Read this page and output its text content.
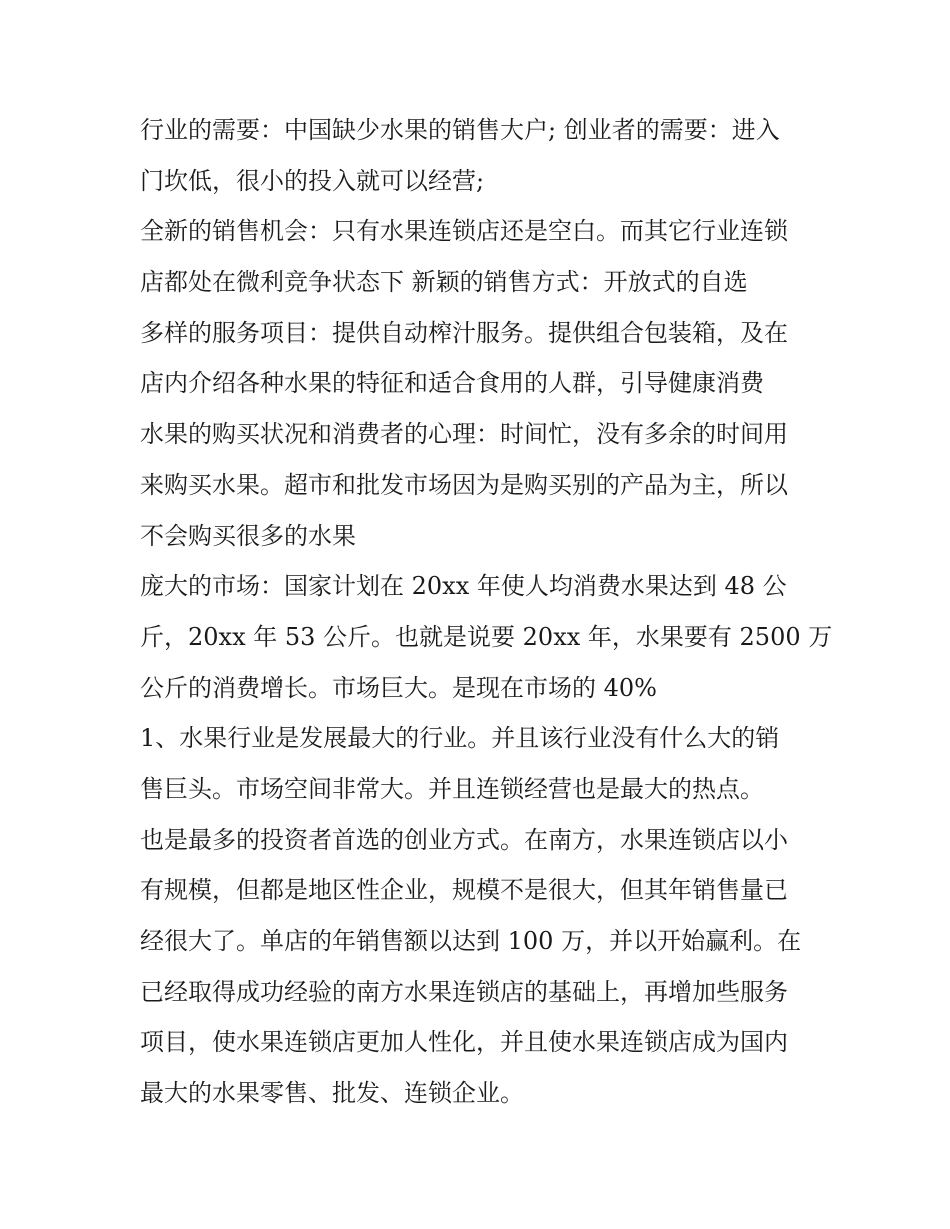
行业的需要：中国缺少水果的销售大户; 创业者的需要：进入
门坎低，很小的投入就可以经营;
全新的销售机会：只有水果连锁店还是空白。而其它行业连锁
店都处在微利竞争状态下 新颖的销售方式：开放式的自选
多样的服务项目：提供自动榨汁服务。提供组合包装箱，及在
店内介绍各种水果的特征和适合食用的人群，引导健康消费
水果的购买状况和消费者的心理：时间忙，没有多余的时间用
来购买水果。超市和批发市场因为是购买别的产品为主，所以
不会购买很多的水果
庞大的市场：国家计划在 20xx 年使人均消费水果达到 48 公
斤，20xx 年 53 公斤。也就是说要 20xx 年，水果要有 2500 万
公斤的消费增长。市场巨大。是现在市场的 40%
1、水果行业是发展最大的行业。并且该行业没有什么大的销
售巨头。市场空间非常大。并且连锁经营也是最大的热点。
也是最多的投资者首选的创业方式。在南方，水果连锁店以小
有规模，但都是地区性企业，规模不是很大，但其年销售量已
经很大了。单店的年销售额以达到 100 万，并以开始赢利。在
已经取得成功经验的南方水果连锁店的基础上，再增加些服务
项目，使水果连锁店更加人性化，并且使水果连锁店成为国内
最大的水果零售、批发、连锁企业。
